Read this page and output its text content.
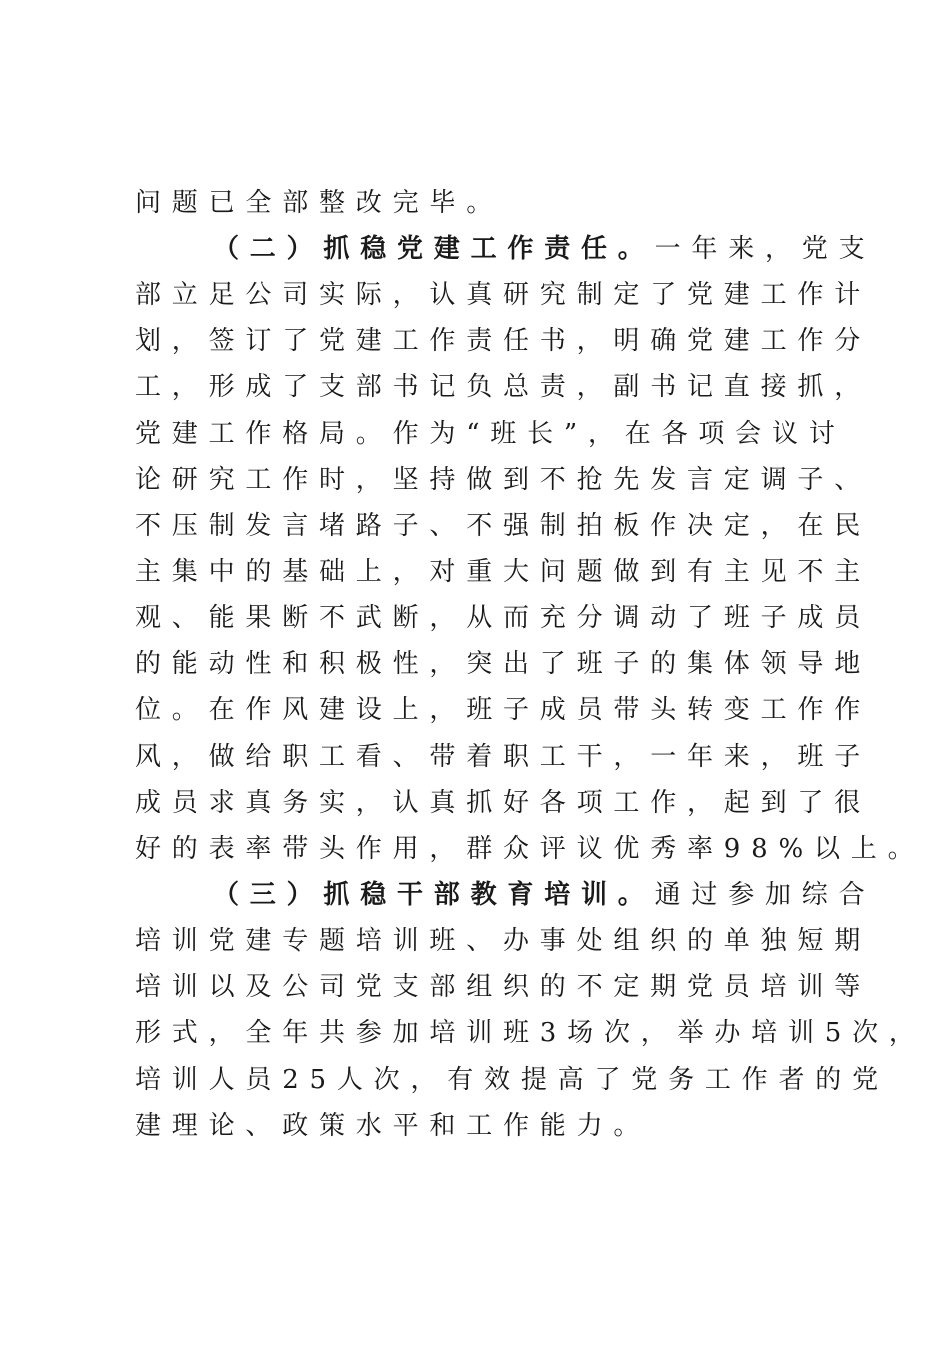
问题已全部整改完毕。
（二）抓稳党建工作责任。一年来，党支
部立足公司实际，认真研究制定了党建工作计
划，签订了党建工作责任书，明确党建工作分
工，形成了支部书记负总责，副书记直接抓，
党建工作格局。作为“班长”，在各项会议讨
论研究工作时，坚持做到不抢先发言定调子、
不压制发言堵路子、不强制拍板作决定，在民
主集中的基础上，对重大问题做到有主见不主
观、能果断不武断，从而充分调动了班子成员
的能动性和积极性，突出了班子的集体领导地
位。在作风建设上，班子成员带头转变工作作
风，做给职工看、带着职工干，一年来，班子
成员求真务实，认真抓好各项工作，起到了很
好的表率带头作用，群众评议优秀率98%以上。
（三）抓稳干部教育培训。通过参加综合
培训党建专题培训班、办事处组织的单独短期
培训以及公司党支部组织的不定期党员培训等
形式，全年共参加培训班3场次，举办培训5次，
培训人员25人次，有效提高了党务工作者的党
建理论、政策水平和工作能力。
